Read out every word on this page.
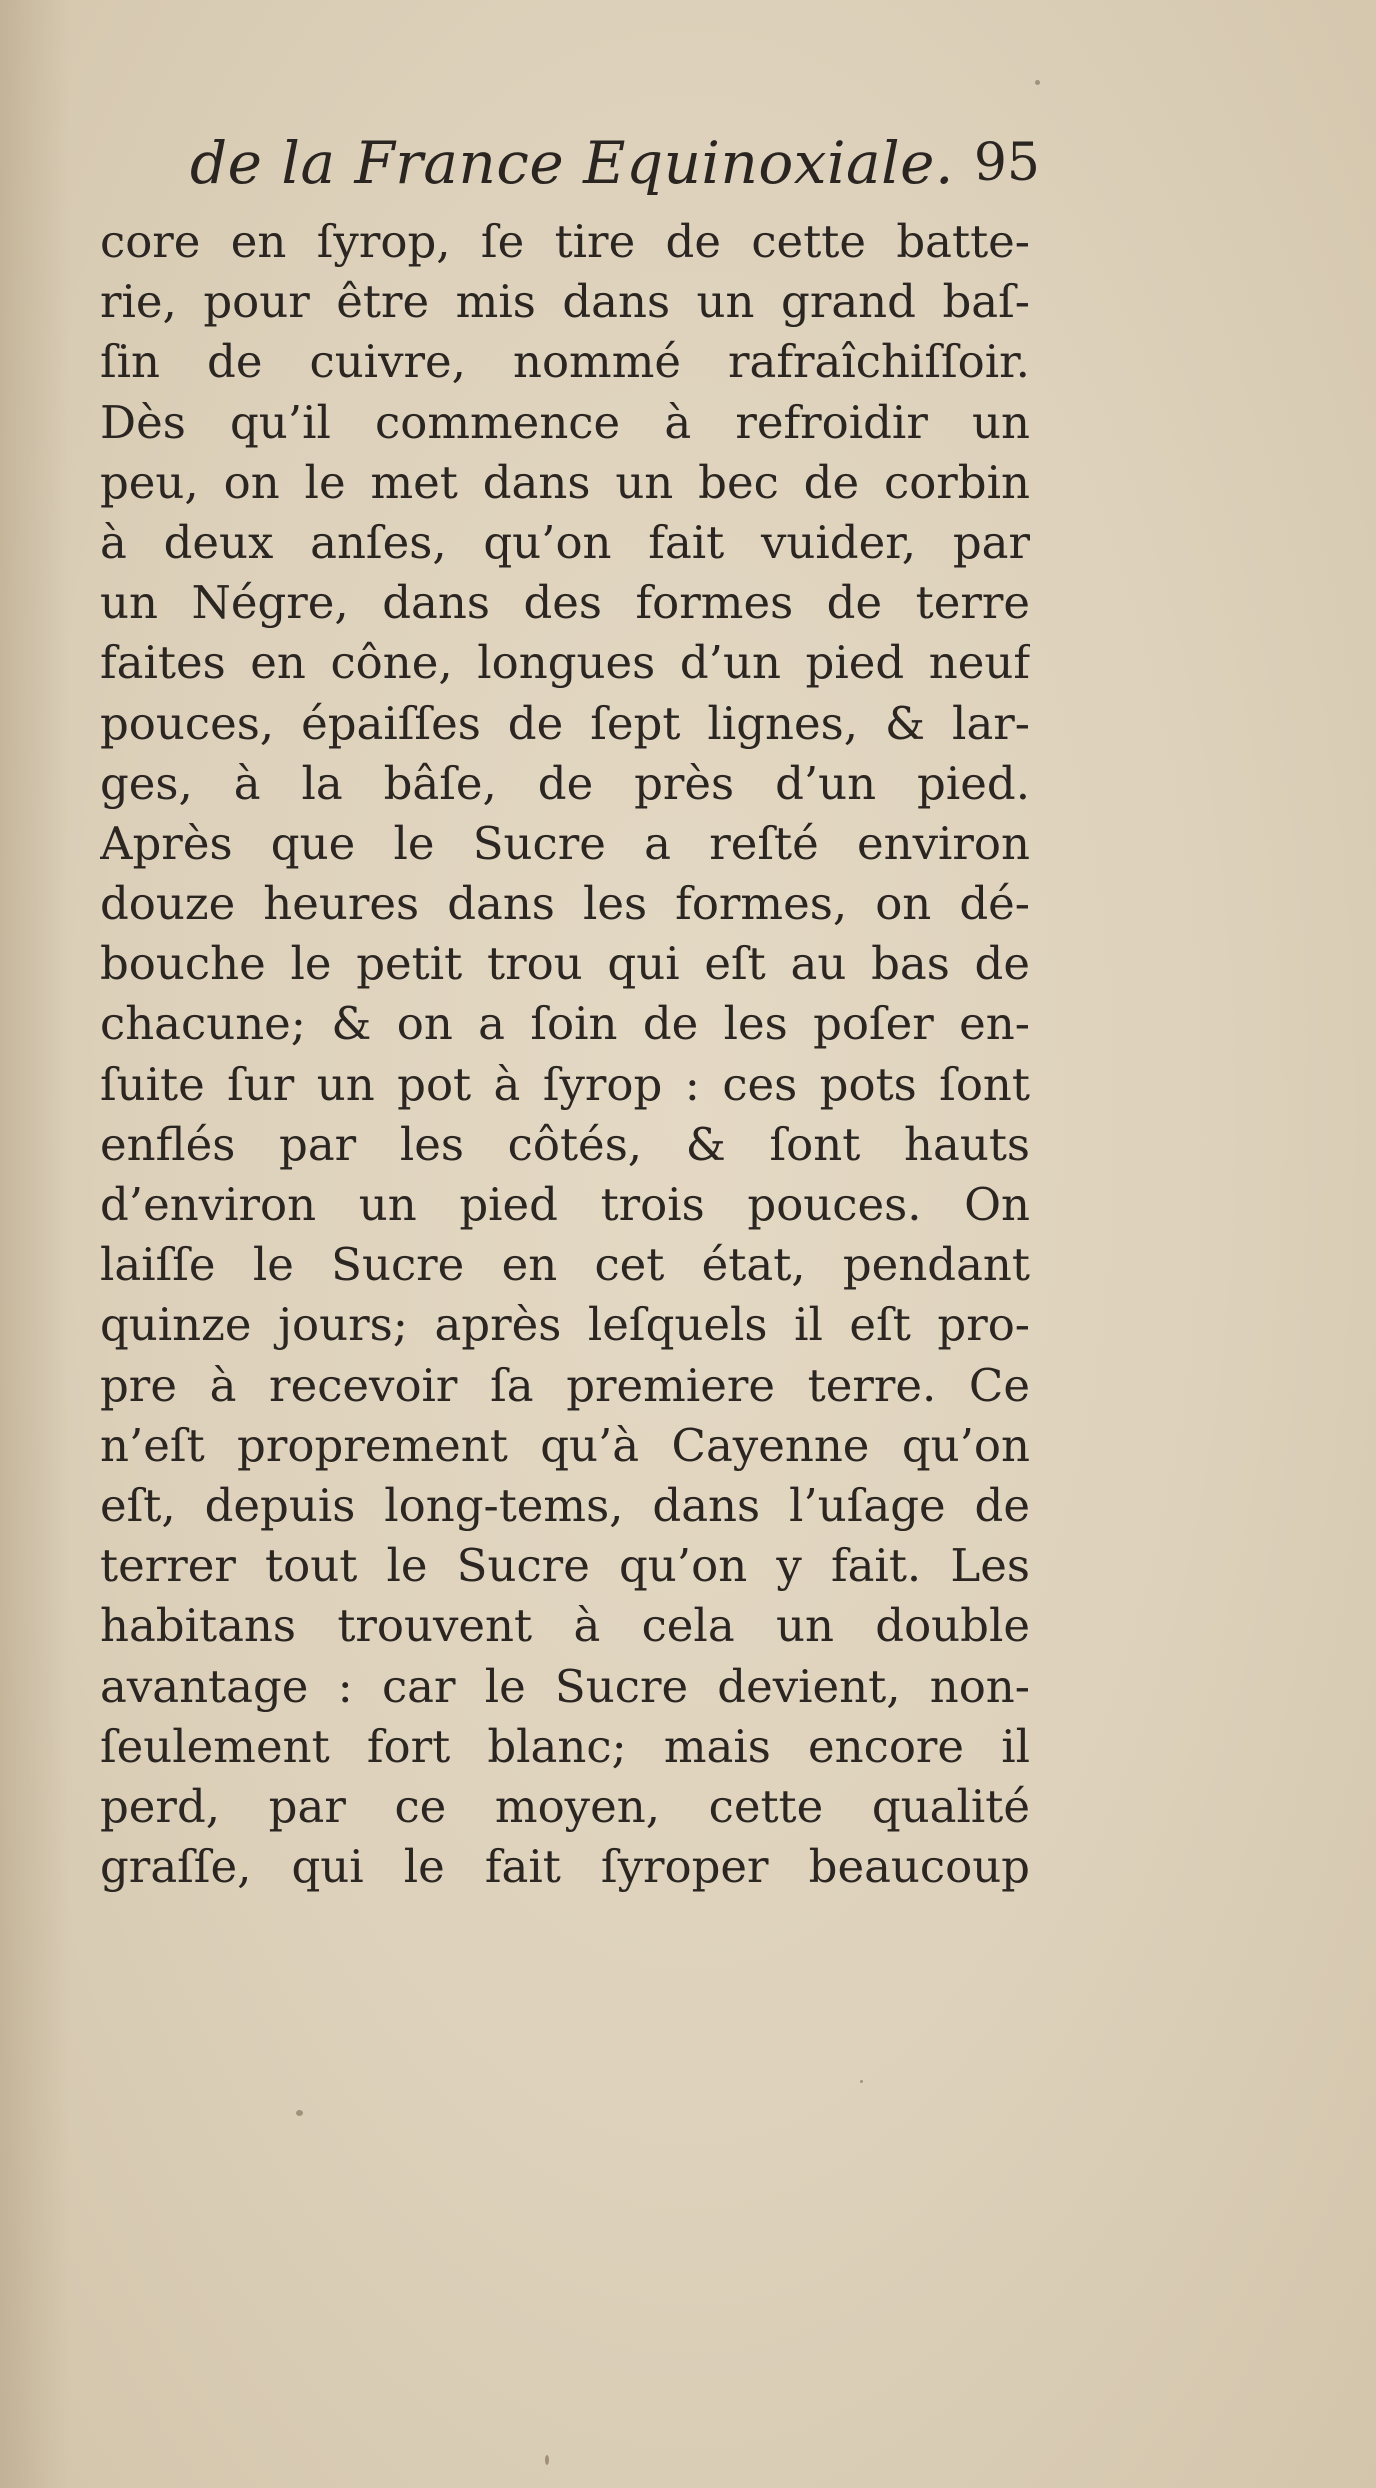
de la France Equinoxiale. 95
core en ſyrop, ſe tire de cette batte-
rie, pour être mis dans un grand baſ-
ſin de cuivre, nommé rafraîchiſſoir.
Dès qu’il commence à refroidir un
peu, on le met dans un bec de corbin
à deux anſes, qu’on fait vuider, par
un Négre, dans des formes de terre
faites en cône, longues d’un pied neuf
pouces, épaiſſes de ſept lignes, & lar-
ges, à la bâſe, de près d’un pied.
Après que le Sucre a reſté environ
douze heures dans les formes, on dé-
bouche le petit trou qui eſt au bas de
chacune; & on a ſoin de les poſer en-
ſuite ſur un pot à ſyrop : ces pots ſont
enflés par les côtés, & ſont hauts
d’environ un pied trois pouces. On
laiſſe le Sucre en cet état, pendant
quinze jours; après leſquels il eſt pro-
pre à recevoir ſa premiere terre. Ce
n’eſt proprement qu’à Cayenne qu’on
eſt, depuis long-tems, dans l’uſage de
terrer tout le Sucre qu’on y fait. Les
habitans trouvent à cela un double
avantage : car le Sucre devient, non-
ſeulement fort blanc; mais encore il
perd, par ce moyen, cette qualité
graſſe, qui le fait ſyroper beaucoup
